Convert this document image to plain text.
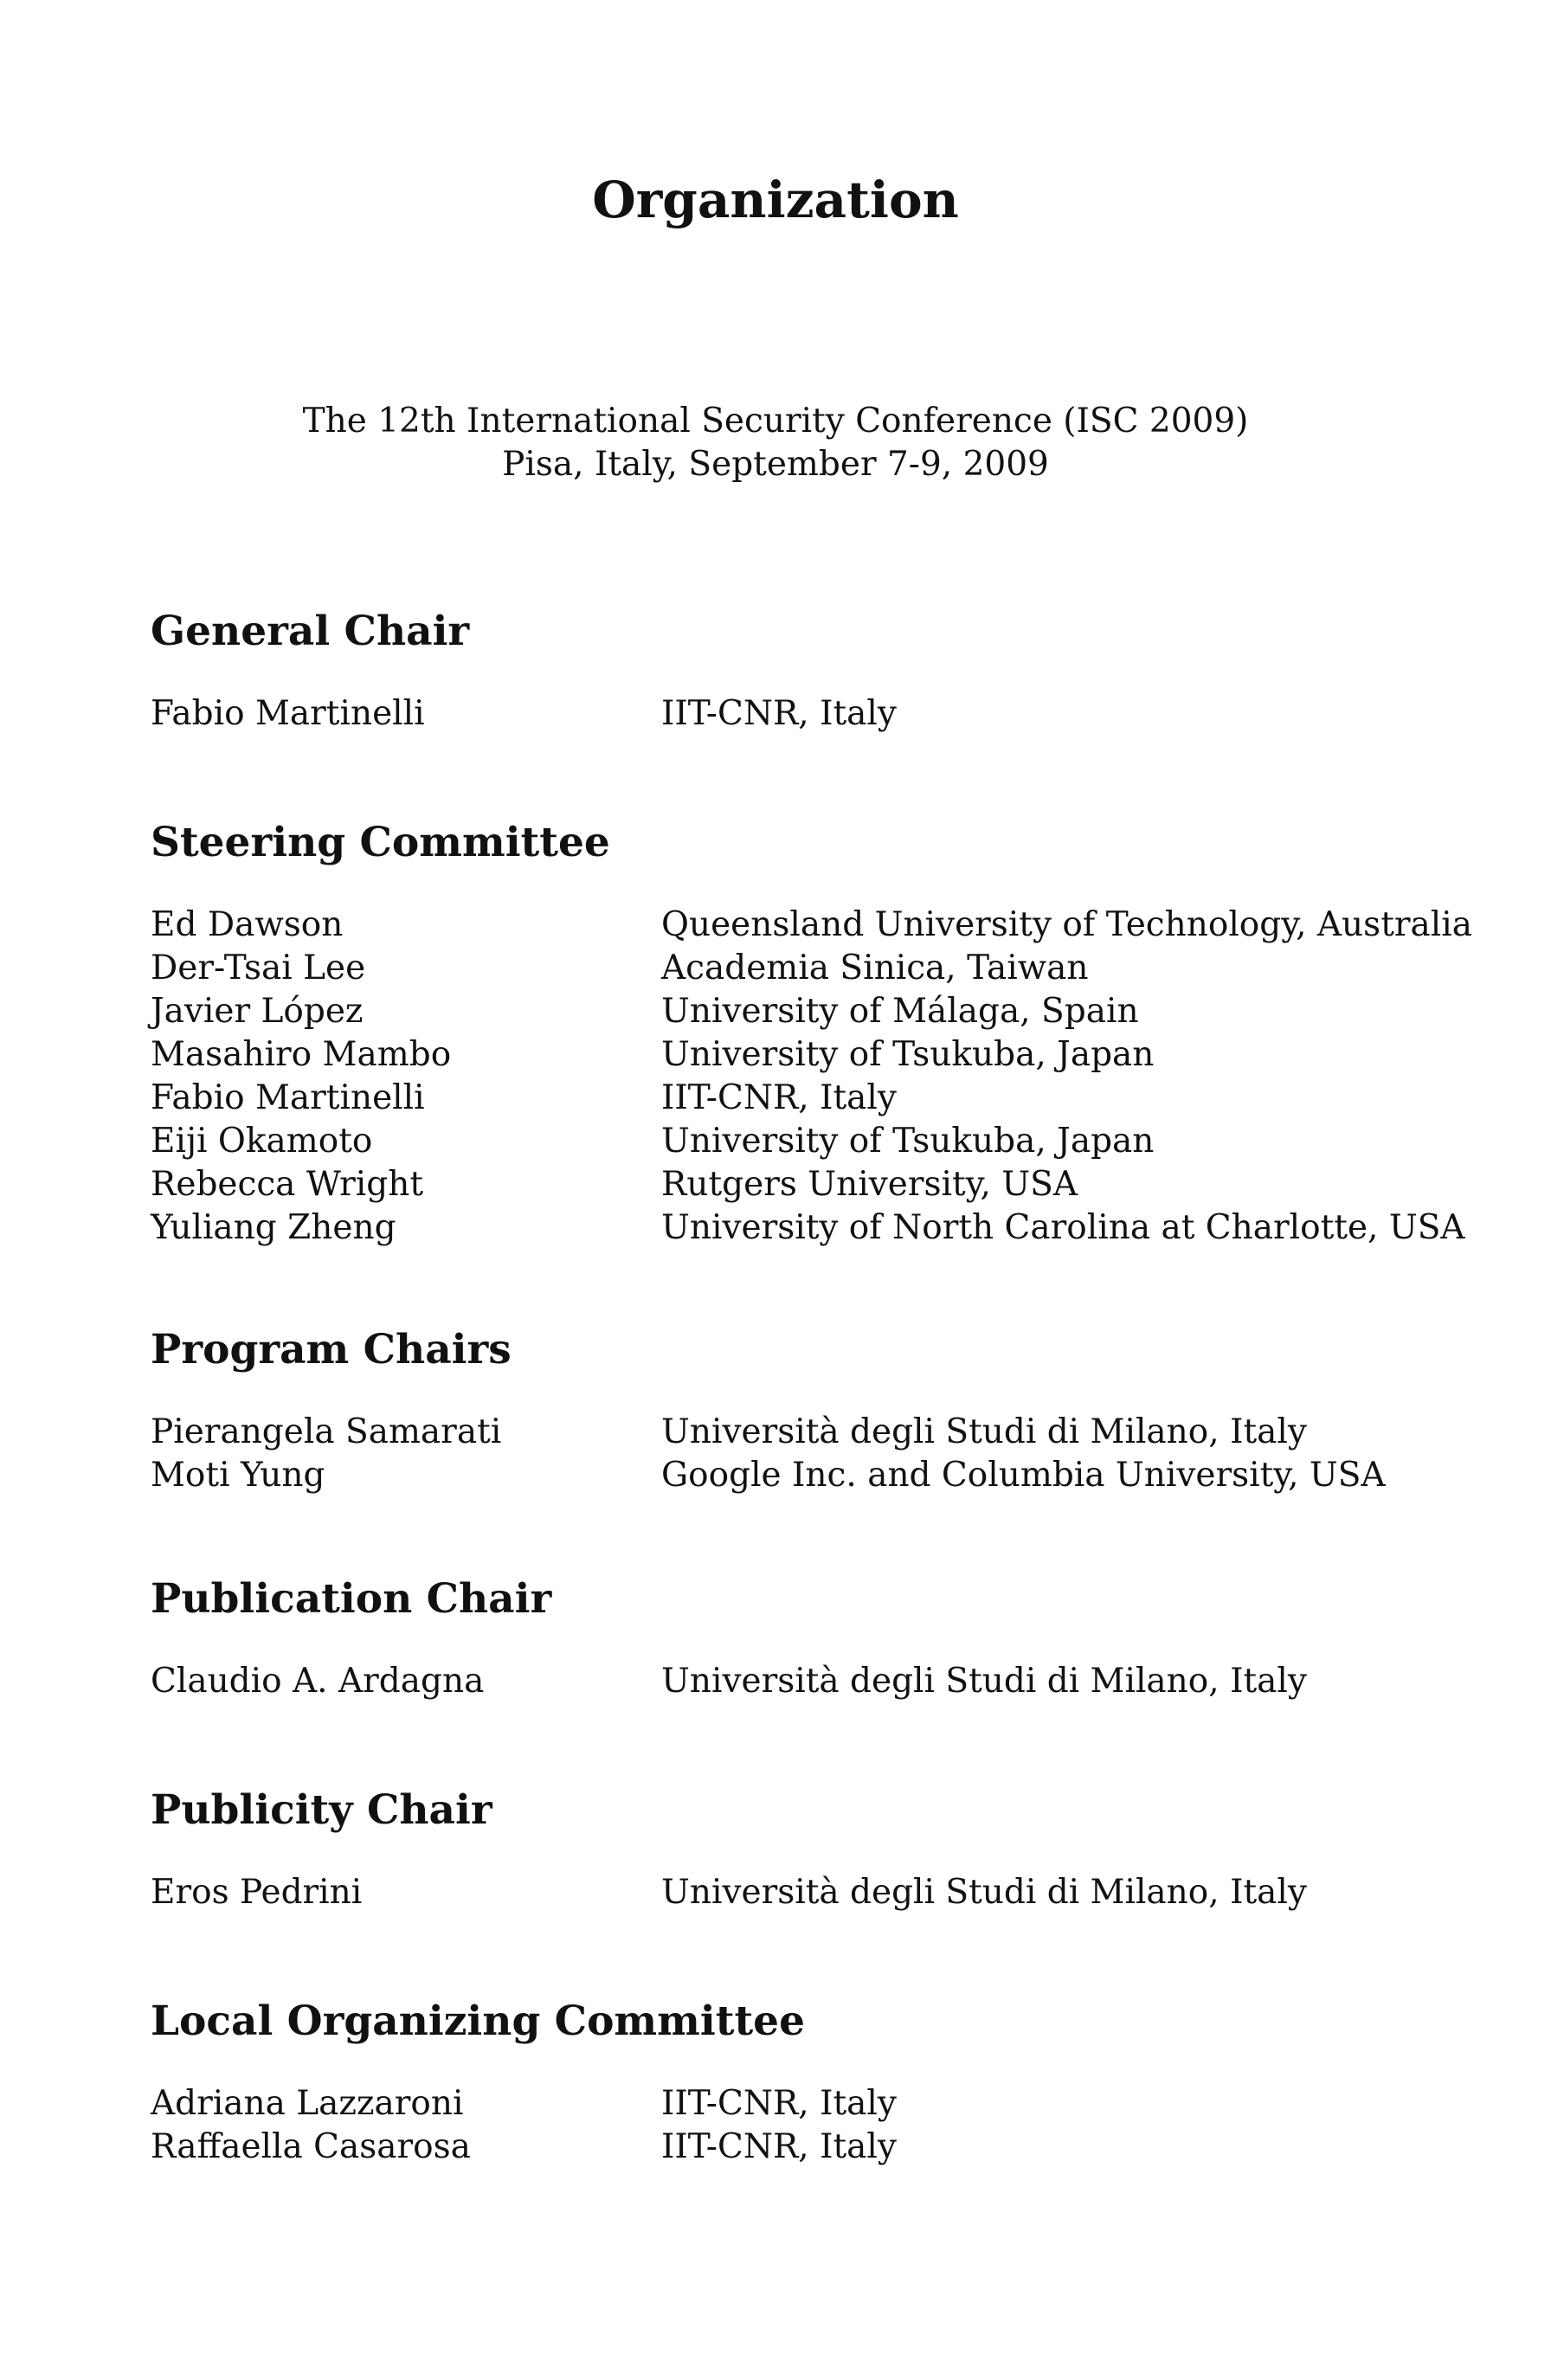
Organization
The 12th International Security Conference (ISC 2009)
Pisa, Italy, September 7-9, 2009
General Chair
Fabio Martinelli	IIT-CNR, Italy
Steering Committee
Ed Dawson	Queensland University of Technology, Australia
Der-Tsai Lee	Academia Sinica, Taiwan
Javier López	University of Málaga, Spain
Masahiro Mambo	University of Tsukuba, Japan
Fabio Martinelli	IIT-CNR, Italy
Eiji Okamoto	University of Tsukuba, Japan
Rebecca Wright	Rutgers University, USA
Yuliang Zheng	University of North Carolina at Charlotte, USA
Program Chairs
Pierangela Samarati	Università degli Studi di Milano, Italy
Moti Yung	Google Inc. and Columbia University, USA
Publication Chair
Claudio A. Ardagna	Università degli Studi di Milano, Italy
Publicity Chair
Eros Pedrini	Università degli Studi di Milano, Italy
Local Organizing Committee
Adriana Lazzaroni	IIT-CNR, Italy
Raffaella Casarosa	IIT-CNR, Italy
